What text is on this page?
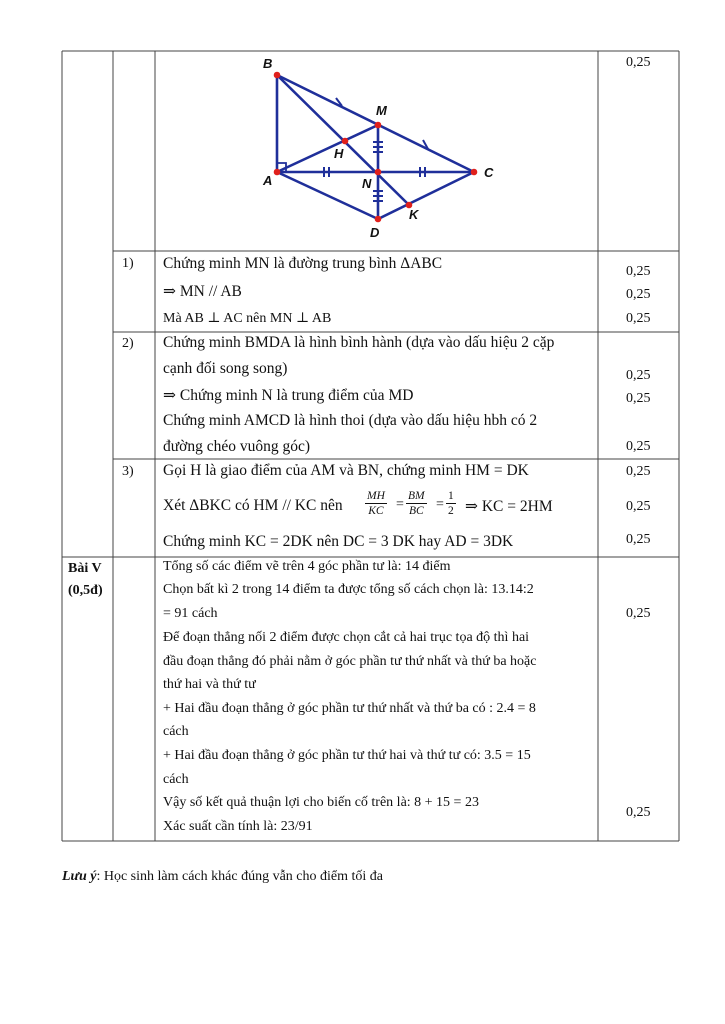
B
M
H
A	N
C
K
D
0,25
1) Chứng minh MN là đường trung bình ΔABC
⇒ MN // AB
Mà AB ⊥ AC nên MN ⊥ AB
0,25
0,25
0,25
2) Chứng minh BMDA là hình bình hành (dựa vào dấu hiệu 2 cặp
cạnh đối song song)
⇒ Chứng minh N là trung điểm của MD
Chứng minh AMCD là hình thoi (dựa vào dấu hiệu hbh có 2
đường chéo vuông góc)
0,25
0,25
0,25
3) Gọi H là giao điểm của AM và BN, chứng minh HM = DK
Xét ΔBKC có HM // KC nên $\frac{MH}{KC} = \frac{BM}{BC} = \frac{1}{2}$ ⇒ KC = 2HM
Chứng minh KC = 2DK nên DC = 3 DK hay AD = 3DK
0,25
0,25
0,25
Bài V
(0,5đ)
Tổng số các điểm vẽ trên 4 góc phần tư là: 14 điểm
Chọn bất kì 2 trong 14 điểm ta được tổng số cách chọn là: 13.14:2
= 91 cách
Để đoạn thẳng nối 2 điểm được chọn cắt cả hai trục tọa độ thì hai
đầu đoạn thẳng đó phải nằm ở góc phần tư thứ nhất và thứ ba hoặc
thứ hai và thứ tư
+ Hai đầu đoạn thẳng ở góc phần tư thứ nhất và thứ ba có : 2.4 = 8
cách
+ Hai đầu đoạn thẳng ở góc phần tư thứ hai và thứ tư có: 3.5 = 15
cách
Vậy số kết quả thuận lợi cho biến cố trên là: 8 + 15 = 23
Xác suất cần tính là: 23/91
0,25
0,25
Lưu ý: Học sinh làm cách khác đúng vẫn cho điểm tối đa
